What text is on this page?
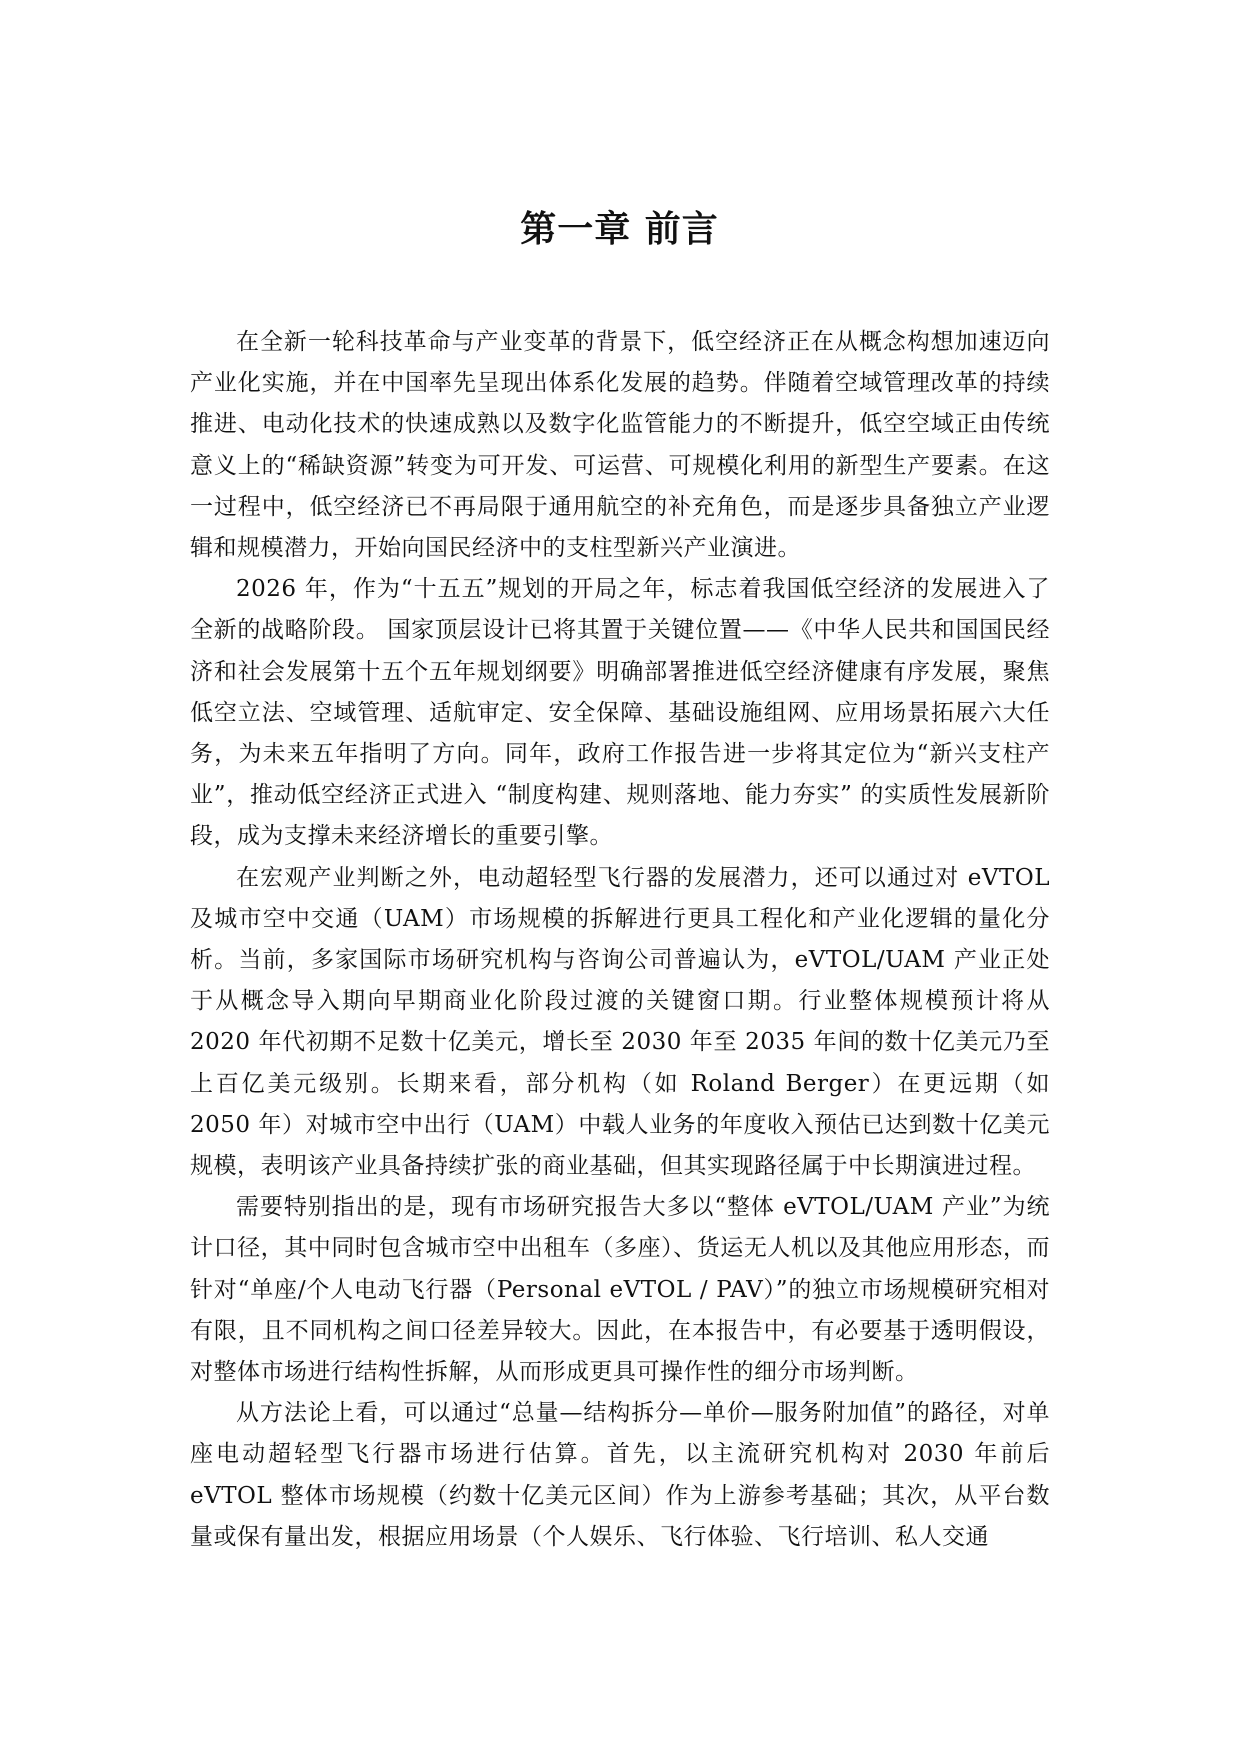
第一章 前言

在全新一轮科技革命与产业变革的背景下，低空经济正在从概念构想加速迈向产业化实施，并在中国率先呈现出体系化发展的趋势。伴随着空域管理改革的持续推进、电动化技术的快速成熟以及数字化监管能力的不断提升，低空空域正由传统意义上的“稀缺资源”转变为可开发、可运营、可规模化利用的新型生产要素。在这一过程中，低空经济已不再局限于通用航空的补充角色，而是逐步具备独立产业逻辑和规模潜力，开始向国民经济中的支柱型新兴产业演进。

2026 年，作为“十五五”规划的开局之年，标志着我国低空经济的发展进入了全新的战略阶段。 国家顶层设计已将其置于关键位置——《中华人民共和国国民经济和社会发展第十五个五年规划纲要》明确部署推进低空经济健康有序发展，聚焦低空立法、空域管理、适航审定、安全保障、基础设施组网、应用场景拓展六大任务，为未来五年指明了方向。同年，政府工作报告进一步将其定位为“新兴支柱产业”，推动低空经济正式进入 “制度构建、规则落地、能力夯实” 的实质性发展新阶段，成为支撑未来经济增长的重要引擎。

在宏观产业判断之外，电动超轻型飞行器的发展潜力，还可以通过对 eVTOL 及城市空中交通（UAM）市场规模的拆解进行更具工程化和产业化逻辑的量化分析。当前，多家国际市场研究机构与咨询公司普遍认为，eVTOL/UAM 产业正处于从概念导入期向早期商业化阶段过渡的关键窗口期。行业整体规模预计将从 2020 年代初期不足数十亿美元，增长至 2030 年至 2035 年间的数十亿美元乃至上百亿美元级别。长期来看，部分机构（如 Roland Berger）在更远期（如 2050 年）对城市空中出行（UAM）中载人业务的年度收入预估已达到数十亿美元规模，表明该产业具备持续扩张的商业基础，但其实现路径属于中长期演进过程。

需要特别指出的是，现有市场研究报告大多以“整体 eVTOL/UAM 产业”为统计口径，其中同时包含城市空中出租车（多座）、货运无人机以及其他应用形态，而针对“单座/个人电动飞行器（Personal eVTOL / PAV）”的独立市场规模研究相对有限，且不同机构之间口径差异较大。因此，在本报告中，有必要基于透明假设，对整体市场进行结构性拆解，从而形成更具可操作性的细分市场判断。

从方法论上看，可以通过“总量—结构拆分—单价—服务附加值”的路径，对单座电动超轻型飞行器市场进行估算。首先，以主流研究机构对 2030 年前后 eVTOL 整体市场规模（约数十亿美元区间）作为上游参考基础；其次，从平台数量或保有量出发，根据应用场景（个人娱乐、飞行体验、飞行培训、私人交通
